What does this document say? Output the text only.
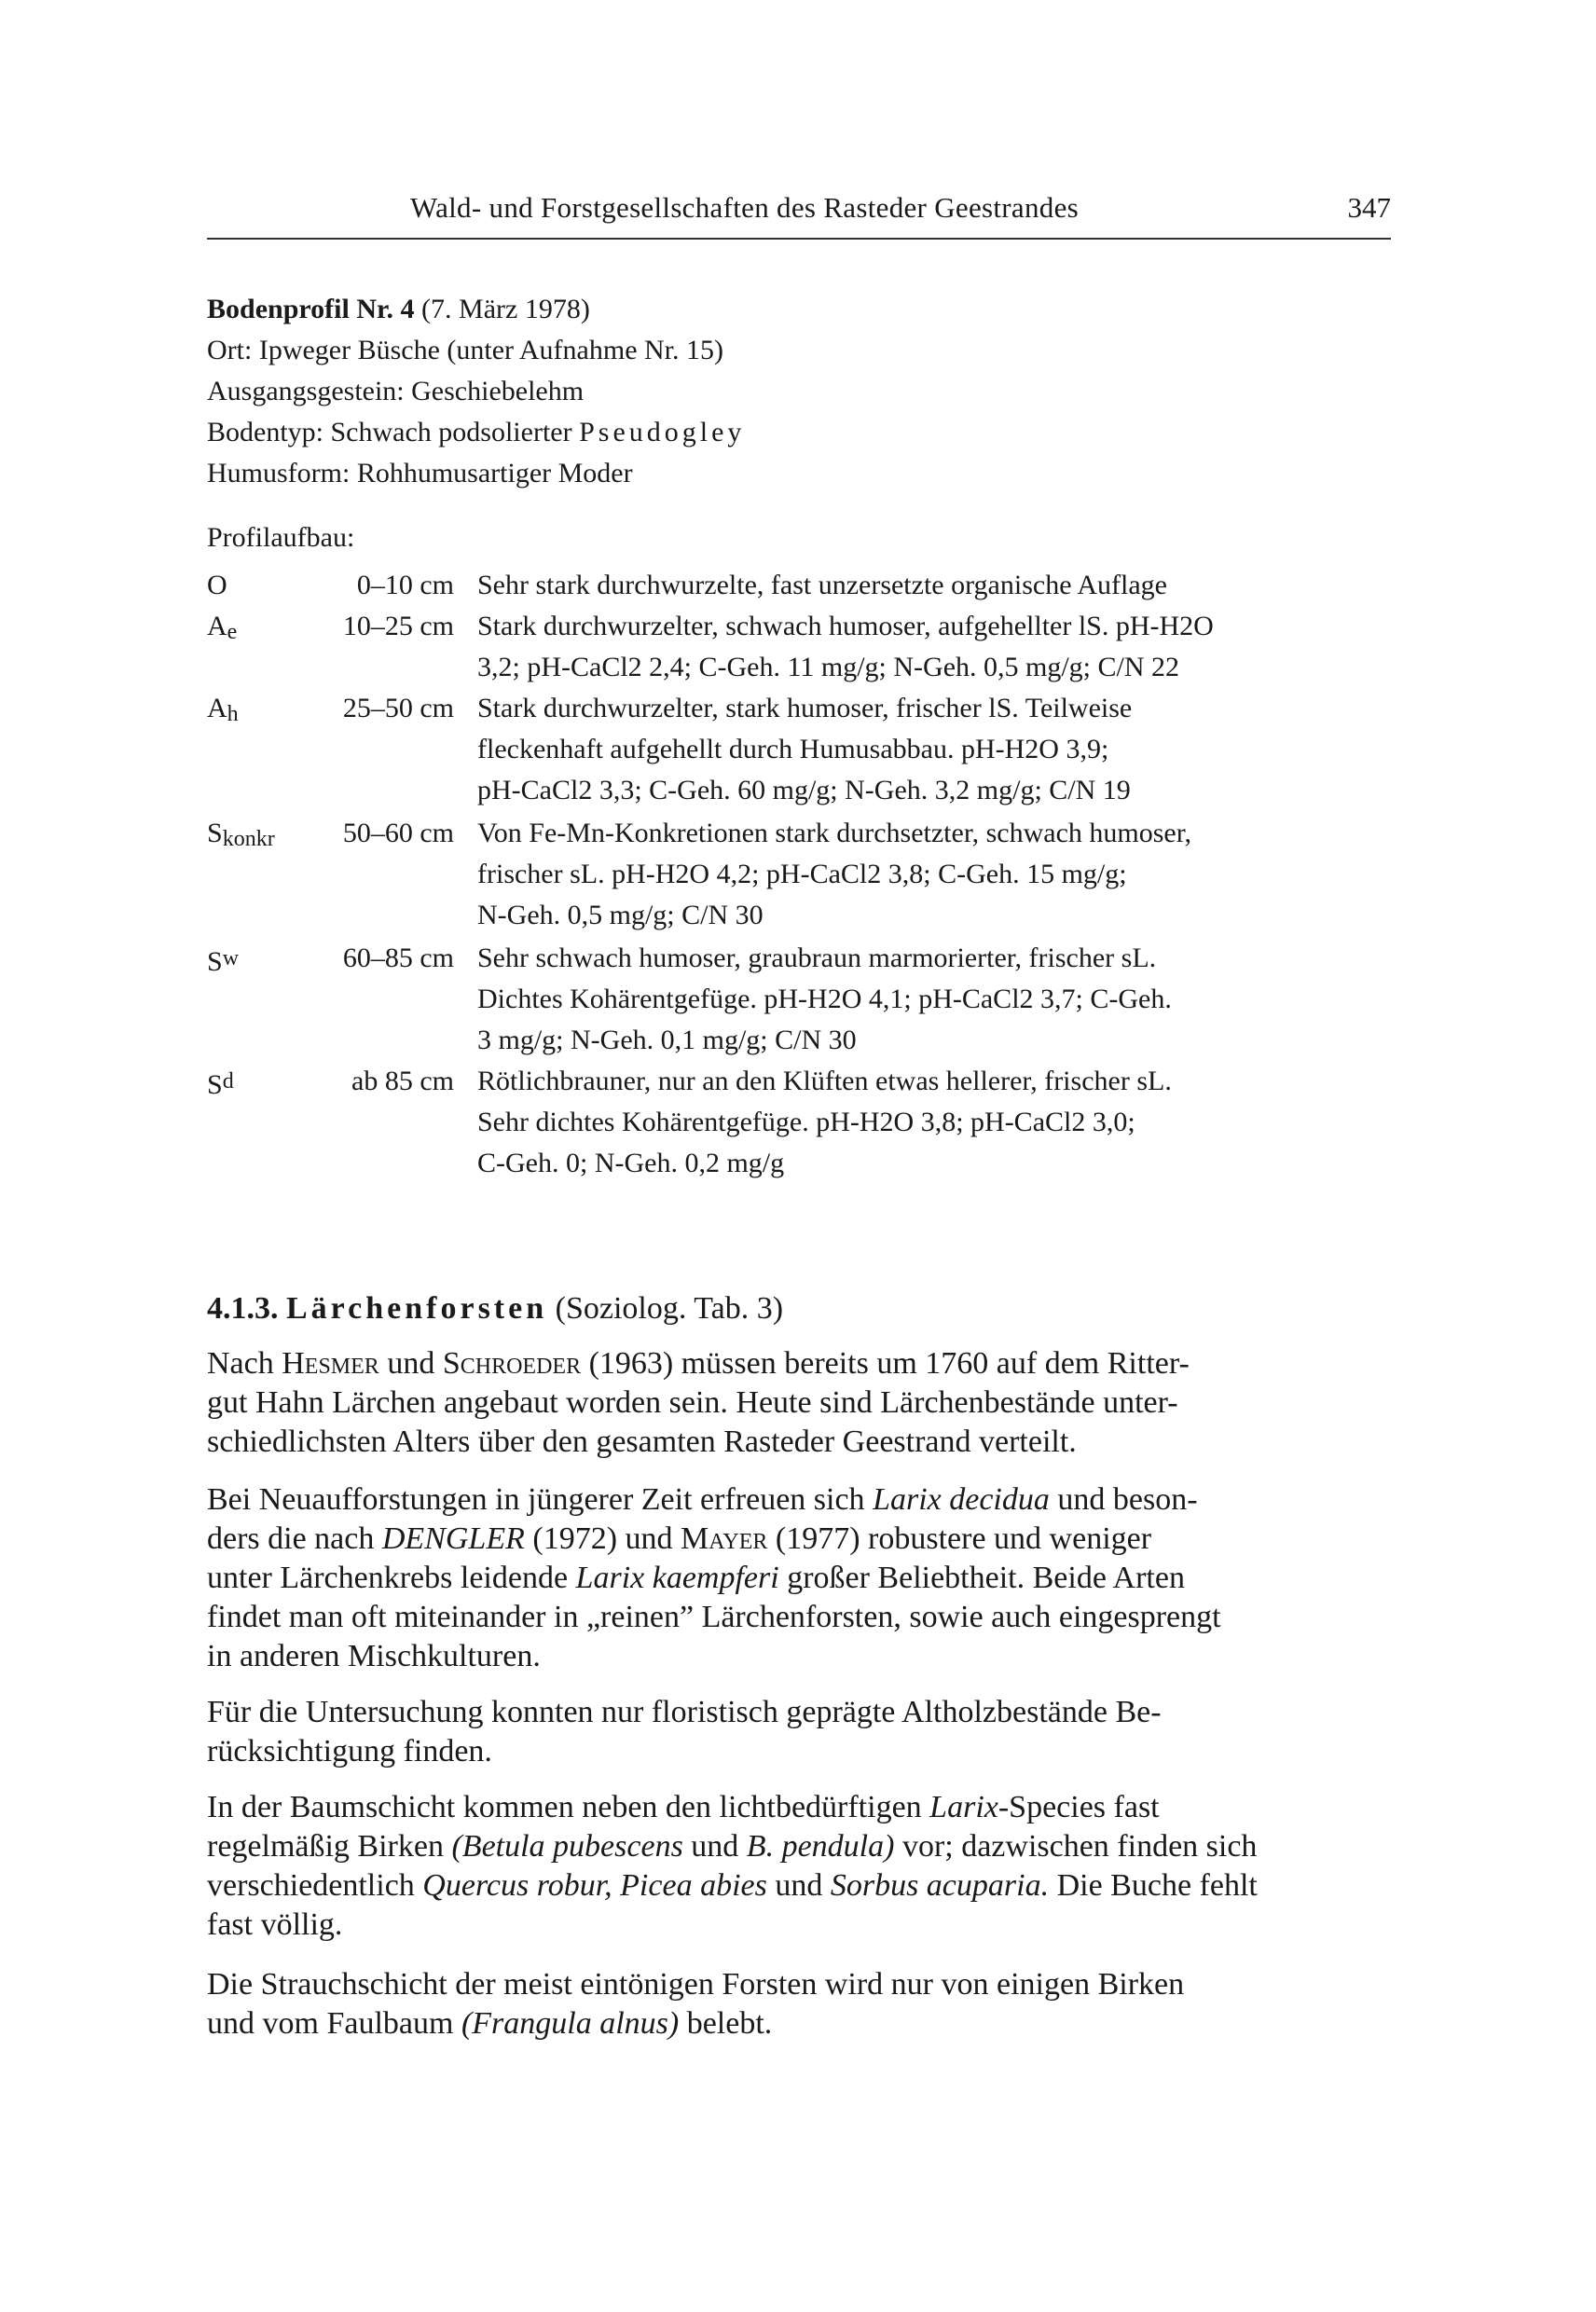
Wald- und Forstgesellschaften des Rasteder Geestrandes	347
Bodenprofil Nr. 4 (7. März 1978)
Ort: Ipweger Büsche (unter Aufnahme Nr. 15)
Ausgangsgestein: Geschiebelehm
Bodentyp: Schwach podsolierter Pseudogley
Humusform: Rohhumusartiger Moder
Profilaufbau:
O	0–10 cm Sehr stark durchwurzelte, fast unzersetzte organische Auflage
Ae	10–25 cm Stark durchwurzelter, schwach humoser, aufgehellter lS. pH-H2O
3,2; pH-CaCl2 2,4; C-Geh. 11 mg/g; N-Geh. 0,5 mg/g; C/N 22
Ah	25–50 cm Stark durchwurzelter, stark humoser, frischer lS. Teilweise
fleckenhaft aufgehellt durch Humusabbau. pH-H2O 3,9;
pH-CaCl2 3,3; C-Geh. 60 mg/g; N-Geh. 3,2 mg/g; C/N 19
Skonkr	50–60 cm Von Fe-Mn-Konkretionen stark durchsetzter, schwach humoser,
frischer sL. pH-H2O 4,2; pH-CaCl2 3,8; C-Geh. 15 mg/g;
N-Geh. 0,5 mg/g; C/N 30
$S^w$	60–85 cm Sehr schwach humoser, graubraun marmorierter, frischer sL.
Dichtes Kohärentgefüge. pH-H2O 4,1; pH-CaCl2 3,7; C-Geh.
3 mg/g; N-Geh. 0,1 mg/g; C/N 30
$S^d$	ab 85 cm Rötlichbrauner, nur an den Klüften etwas hellerer, frischer sL.
Sehr dichtes Kohärentgefüge. pH-H2O 3,8; pH-CaCl2 3,0;
C-Geh. 0; N-Geh. 0,2 mg/g
4.1.3. Lärchenforsten (Soziolog. Tab. 3)
Nach Hesmer und Schroeder (1963) müssen bereits um 1760 auf dem Ritter-
gut Hahn Lärchen angebaut worden sein. Heute sind Lärchenbestände unter-
schiedlichsten Alters über den gesamten Rasteder Geestrand verteilt.
Bei Neuaufforstungen in jüngerer Zeit erfreuen sich Larix decidua und beson-
ders die nach DENGLER (1972) und Mayer (1977) robustere und weniger
unter Lärchenkrebs leidende Larix kaempferi großer Beliebtheit. Beide Arten
findet man oft miteinander in „reinen” Lärchenforsten, sowie auch eingesprengt
in anderen Mischkulturen.
Für die Untersuchung konnten nur floristisch geprägte Altholzbestände Be-
rücksichtigung finden.
In der Baumschicht kommen neben den lichtbedürftigen Larix-Species fast
regelmäßig Birken (Betula pubescens und B. pendula) vor; dazwischen finden sich
verschiedentlich Quercus robur, Picea abies und Sorbus acuparia. Die Buche fehlt
fast völlig.
Die Strauchschicht der meist eintönigen Forsten wird nur von einigen Birken
und vom Faulbaum (Frangula alnus) belebt.
